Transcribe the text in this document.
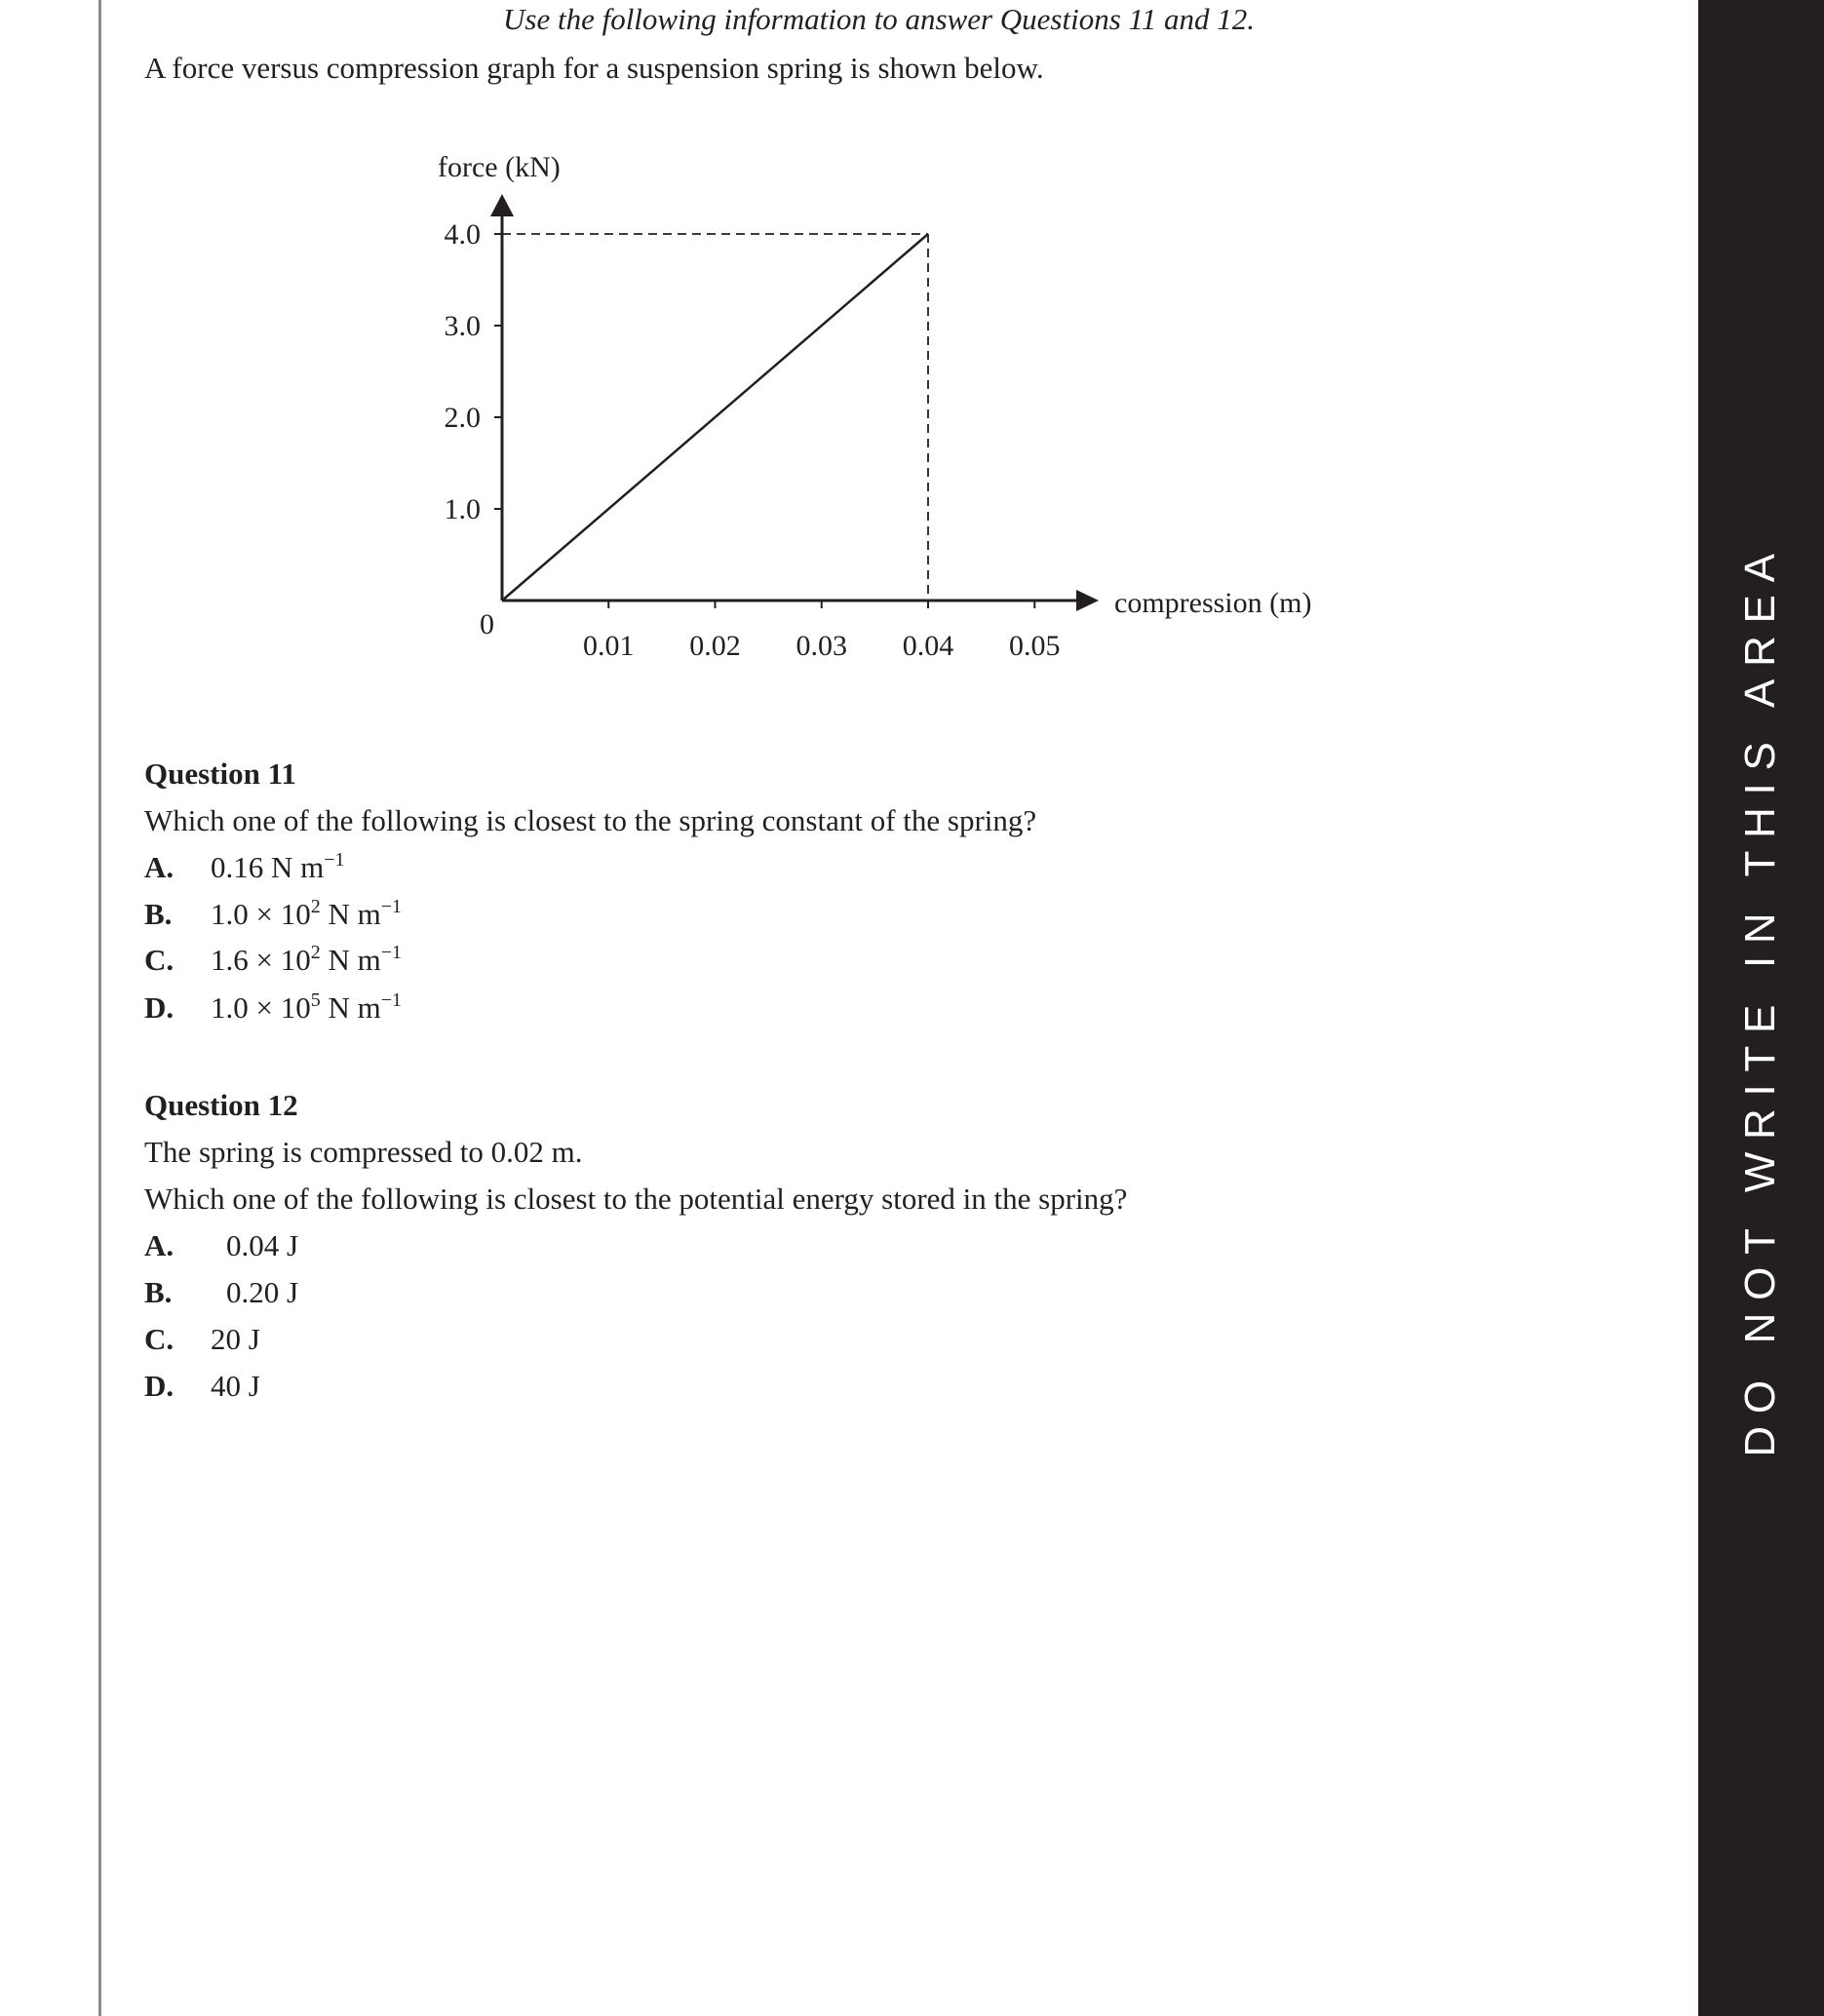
DO NOT WRITE IN THIS AREA
Use the following information to answer Questions 11 and 12.
A force versus compression graph for a suspension spring is shown below.
4.0
3.0
2.0
1.0
0.01 0.02 0.03 0.04 0.05
force (kN)
compression (m)
0
Question 11
Which one of the following is closest to the spring constant of the spring?
A. 0.16 N $m^{-1}$
B. $1.0 \times 10^2$ N $m^{-1}$
C. $1.6 \times 10^2$ N $m^{-1}$
D. $1.0 \times 10^5$ N $m^{-1}$
Question 12
The spring is compressed to 0.02 m.
Which one of the following is closest to the potential energy stored in the spring?
A. 0.04 J
B. 0.20 J
C. 20 J
D. 40 J
